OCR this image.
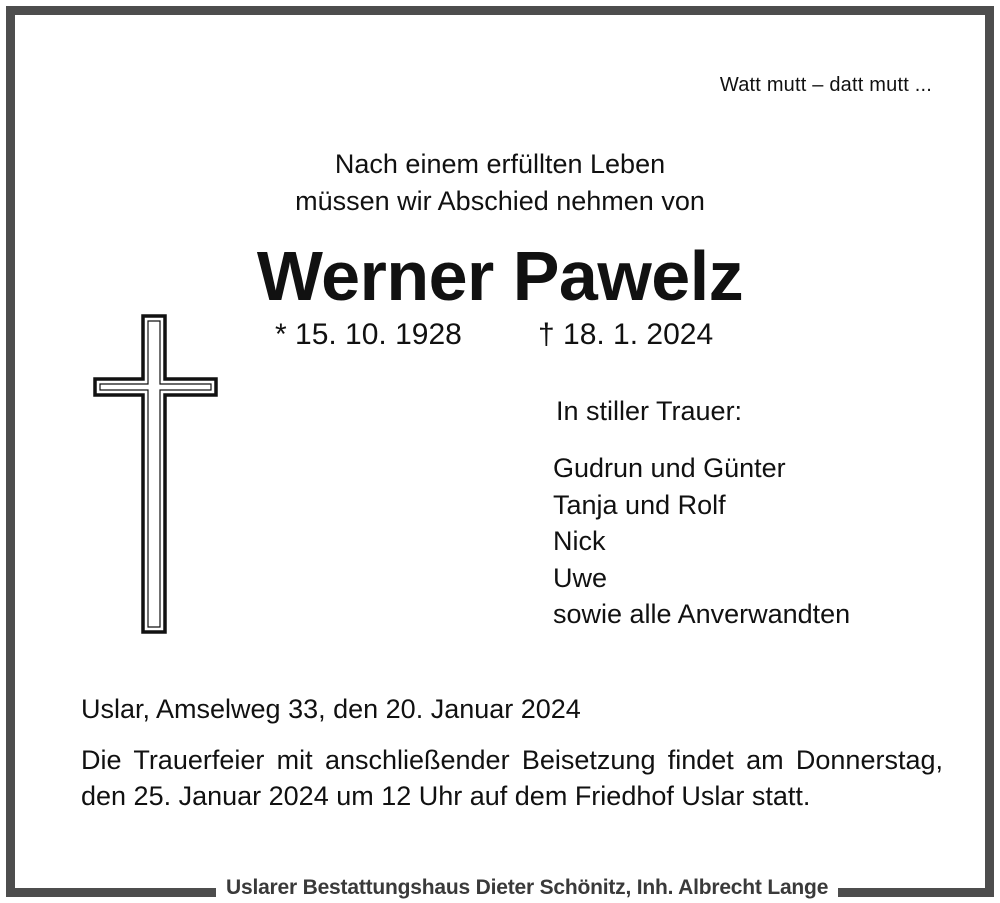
Watt mutt – datt mutt ...
Nach einem erfüllten Leben
müssen wir Abschied nehmen von
Werner Pawelz
* 15. 10. 1928	† 18. 1. 2024
In stiller Trauer:
Gudrun und Günter
Tanja und Rolf
Nick
Uwe
sowie alle Anverwandten
Uslar, Amselweg 33, den 20. Januar 2024
Die Trauerfeier mit anschließender Beisetzung findet am Donnerstag, den 25. Januar 2024 um 12 Uhr auf dem Friedhof Uslar statt.
Uslarer Bestattungshaus Dieter Schönitz, Inh. Albrecht Lange
